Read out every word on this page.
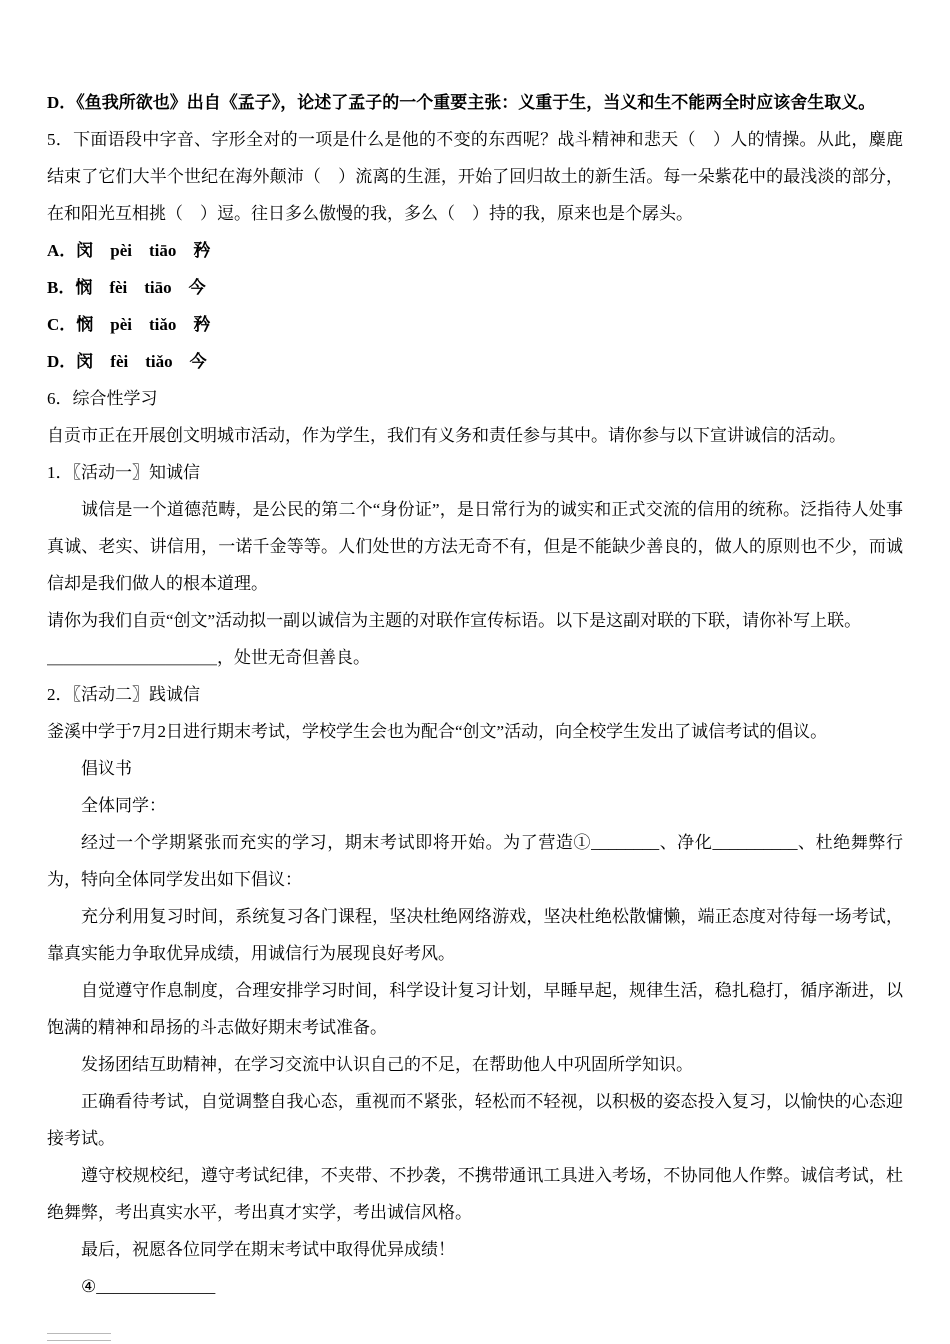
D．《鱼我所欲也》出自《孟子》，论述了孟子的一个重要主张：义重于生，当义和生不能两全时应该舍生取义。

5．下面语段中字音、字形全对的一项是什么是他的不变的东西呢？战斗精神和悲天（　）人的情操。从此，麋鹿结束了它们大半个世纪在海外颠沛（　）流离的生涯，开始了回归故土的新生活。每一朵紫花中的最浅淡的部分，在和阳光互相挑（　）逗。往日多么傲慢的我，多么（　）持的我，原来也是个孱头。

A．闵　pèi　tiāo　矜

B．悯　fèi　tiāo　今

C．悯　pèi　tiǎo　矜

D．闵　fèi　tiǎo　今

6．综合性学习

自贡市正在开展创文明城市活动，作为学生，我们有义务和责任参与其中。请你参与以下宣讲诚信的活动。

1．〖活动一〗知诚信

诚信是一个道德范畴，是公民的第二个“身份证”，是日常行为的诚实和正式交流的信用的统称。泛指待人处事真诚、老实、讲信用，一诺千金等等。人们处世的方法无奇不有，但是不能缺少善良的，做人的原则也不少，而诚信却是我们做人的根本道理。

请你为我们自贡“创文”活动拟一副以诚信为主题的对联作宣传标语。以下是这副对联的下联，请你补写上联。

＿＿＿＿＿＿＿＿＿＿，处世无奇但善良。

2．〖活动二〗践诚信

釜溪中学于7月2日进行期末考试，学校学生会也为配合“创文”活动，向全校学生发出了诚信考试的倡议。

倡议书

全体同学：

经过一个学期紧张而充实的学习，期末考试即将开始。为了营造①________、净化__________、杜绝舞弊行为，特向全体同学发出如下倡议：

充分利用复习时间，系统复习各门课程，坚决杜绝网络游戏，坚决杜绝松散慵懒，端正态度对待每一场考试，靠真实能力争取优异成绩，用诚信行为展现良好考风。

自觉遵守作息制度，合理安排学习时间，科学设计复习计划，早睡早起，规律生活，稳扎稳打，循序渐进，以饱满的精神和昂扬的斗志做好期末考试准备。

发扬团结互助精神，在学习交流中认识自己的不足，在帮助他人中巩固所学知识。

正确看待考试，自觉调整自我心态，重视而不紧张，轻松而不轻视，以积极的姿态投入复习，以愉快的心态迎接考试。

遵守校规校纪，遵守考试纪律，不夹带、不抄袭，不携带通讯工具进入考场，不协同他人作弊。诚信考试，杜绝舞弊，考出真实水平，考出真才实学，考出诚信风格。

最后，祝愿各位同学在期末考试中取得优异成绩！

④______________
